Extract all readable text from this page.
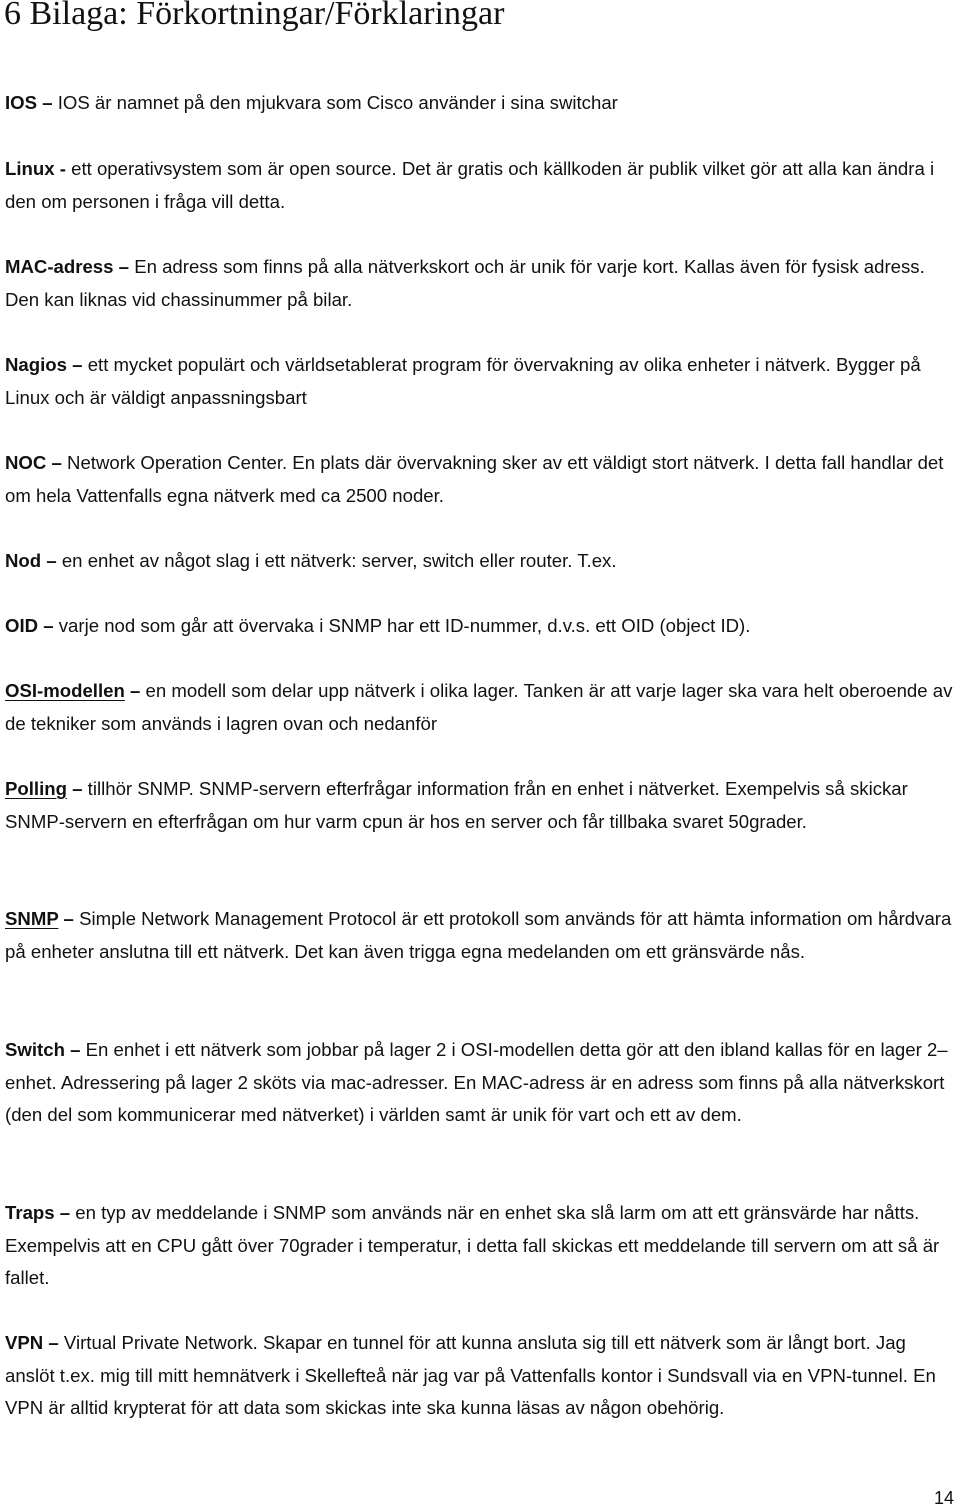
6 Bilaga: Förkortningar/Förklaringar

IOS – IOS är namnet på den mjukvara som Cisco använder i sina switchar

Linux - ett operativsystem som är open source. Det är gratis och källkoden är publik vilket gör att alla kan ändra i den om personen i fråga vill detta.

MAC-adress – En adress som finns på alla nätverkskort och är unik för varje kort. Kallas även för fysisk adress. Den kan liknas vid chassinummer på bilar.

Nagios – ett mycket populärt och världsetablerat program för övervakning av olika enheter i nätverk. Bygger på Linux och är väldigt anpassningsbart

NOC – Network Operation Center. En plats där övervakning sker av ett väldigt stort nätverk. I detta fall handlar det om hela Vattenfalls egna nätverk med ca 2500 noder.

Nod – en enhet av något slag i ett nätverk: server, switch eller router. T.ex.

OID – varje nod som går att övervaka i SNMP har ett ID-nummer, d.v.s. ett OID (object ID).

OSI-modellen – en modell som delar upp nätverk i olika lager. Tanken är att varje lager ska vara helt oberoende av de tekniker som används i lagren ovan och nedanför

Polling – tillhör SNMP. SNMP-servern efterfrågar information från en enhet i nätverket. Exempelvis så skickar SNMP-servern en efterfrågan om hur varm cpun är hos en server och får tillbaka svaret 50grader.

SNMP – Simple Network Management Protocol är ett protokoll som används för att hämta information om hårdvara på enheter anslutna till ett nätverk. Det kan även trigga egna medelanden om ett gränsvärde nås.

Switch – En enhet i ett nätverk som jobbar på lager 2 i OSI-modellen detta gör att den ibland kallas för en lager 2–enhet. Adressering på lager 2 sköts via mac-adresser. En MAC-adress är en adress som finns på alla nätverkskort (den del som kommunicerar med nätverket) i världen samt är unik för vart och ett av dem.

Traps – en typ av meddelande i SNMP som används när en enhet ska slå larm om att ett gränsvärde har nåtts. Exempelvis att en CPU gått över 70grader i temperatur, i detta fall skickas ett meddelande till servern om att så är fallet.

VPN – Virtual Private Network. Skapar en tunnel för att kunna ansluta sig till ett nätverk som är långt bort. Jag anslöt t.ex. mig till mitt hemnätverk i Skellefteå när jag var på Vattenfalls kontor i Sundsvall via en VPN-tunnel. En VPN är alltid krypterat för att data som skickas inte ska kunna läsas av någon obehörig.

14
